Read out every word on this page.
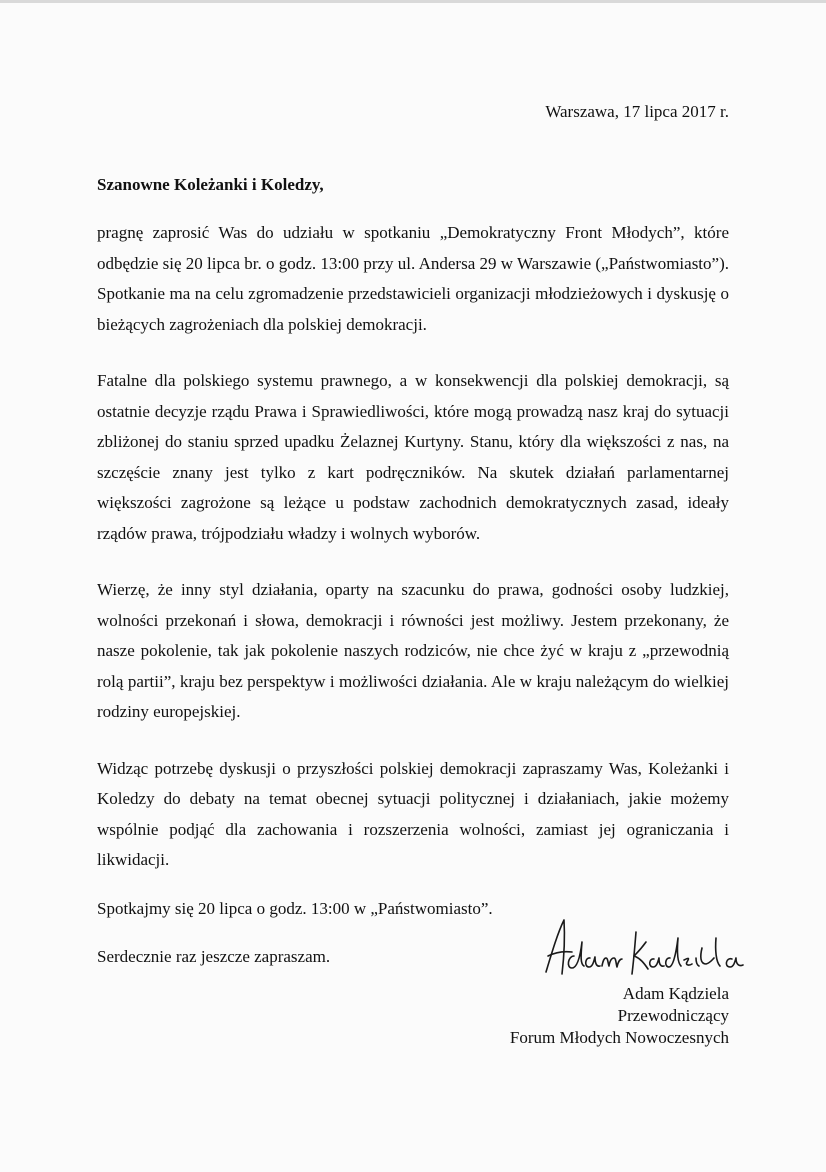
Warszawa, 17 lipca 2017 r.
Szanowne Koleżanki i Koledzy,

pragnę zaprosić Was do udziału w spotkaniu „Demokratyczny Front Młodych”, które odbędzie się 20 lipca br. o godz. 13:00 przy ul. Andersa 29 w Warszawie („Państwomiasto”). Spotkanie ma na celu zgromadzenie przedstawicieli organizacji młodzieżowych i dyskusję o bieżących zagrożeniach dla polskiej demokracji.

Fatalne dla polskiego systemu prawnego, a w konsekwencji dla polskiej demokracji, są ostatnie decyzje rządu Prawa i Sprawiedliwości, które mogą prowadzą nasz kraj do sytuacji zbliżonej do staniu sprzed upadku Żelaznej Kurtyny. Stanu, który dla większości z nas, na szczęście znany jest tylko z kart podręczników. Na skutek działań parlamentarnej większości zagrożone są leżące u podstaw zachodnich demokratycznych zasad, ideały rządów prawa, trójpodziału władzy i wolnych wyborów.

Wierzę, że inny styl działania, oparty na szacunku do prawa, godności osoby ludzkiej, wolności przekonań i słowa, demokracji i równości jest możliwy. Jestem przekonany, że nasze pokolenie, tak jak pokolenie naszych rodziców, nie chce żyć w kraju z „przewodnią rolą partii”, kraju bez perspektyw i możliwości działania. Ale w kraju należącym do wielkiej rodziny europejskiej.

Widząc potrzebę dyskusji o przyszłości polskiej demokracji zapraszamy Was, Koleżanki i Koledzy do debaty na temat obecnej sytuacji politycznej i działaniach, jakie możemy wspólnie podjąć dla zachowania i rozszerzenia wolności, zamiast jej ograniczania i likwidacji.

Spotkajmy się 20 lipca o godz. 13:00 w „Państwomiasto”.

Serdecznie raz jeszcze zapraszam.

Adam Kądziela
Przewodniczący
Forum Młodych Nowoczesnych
